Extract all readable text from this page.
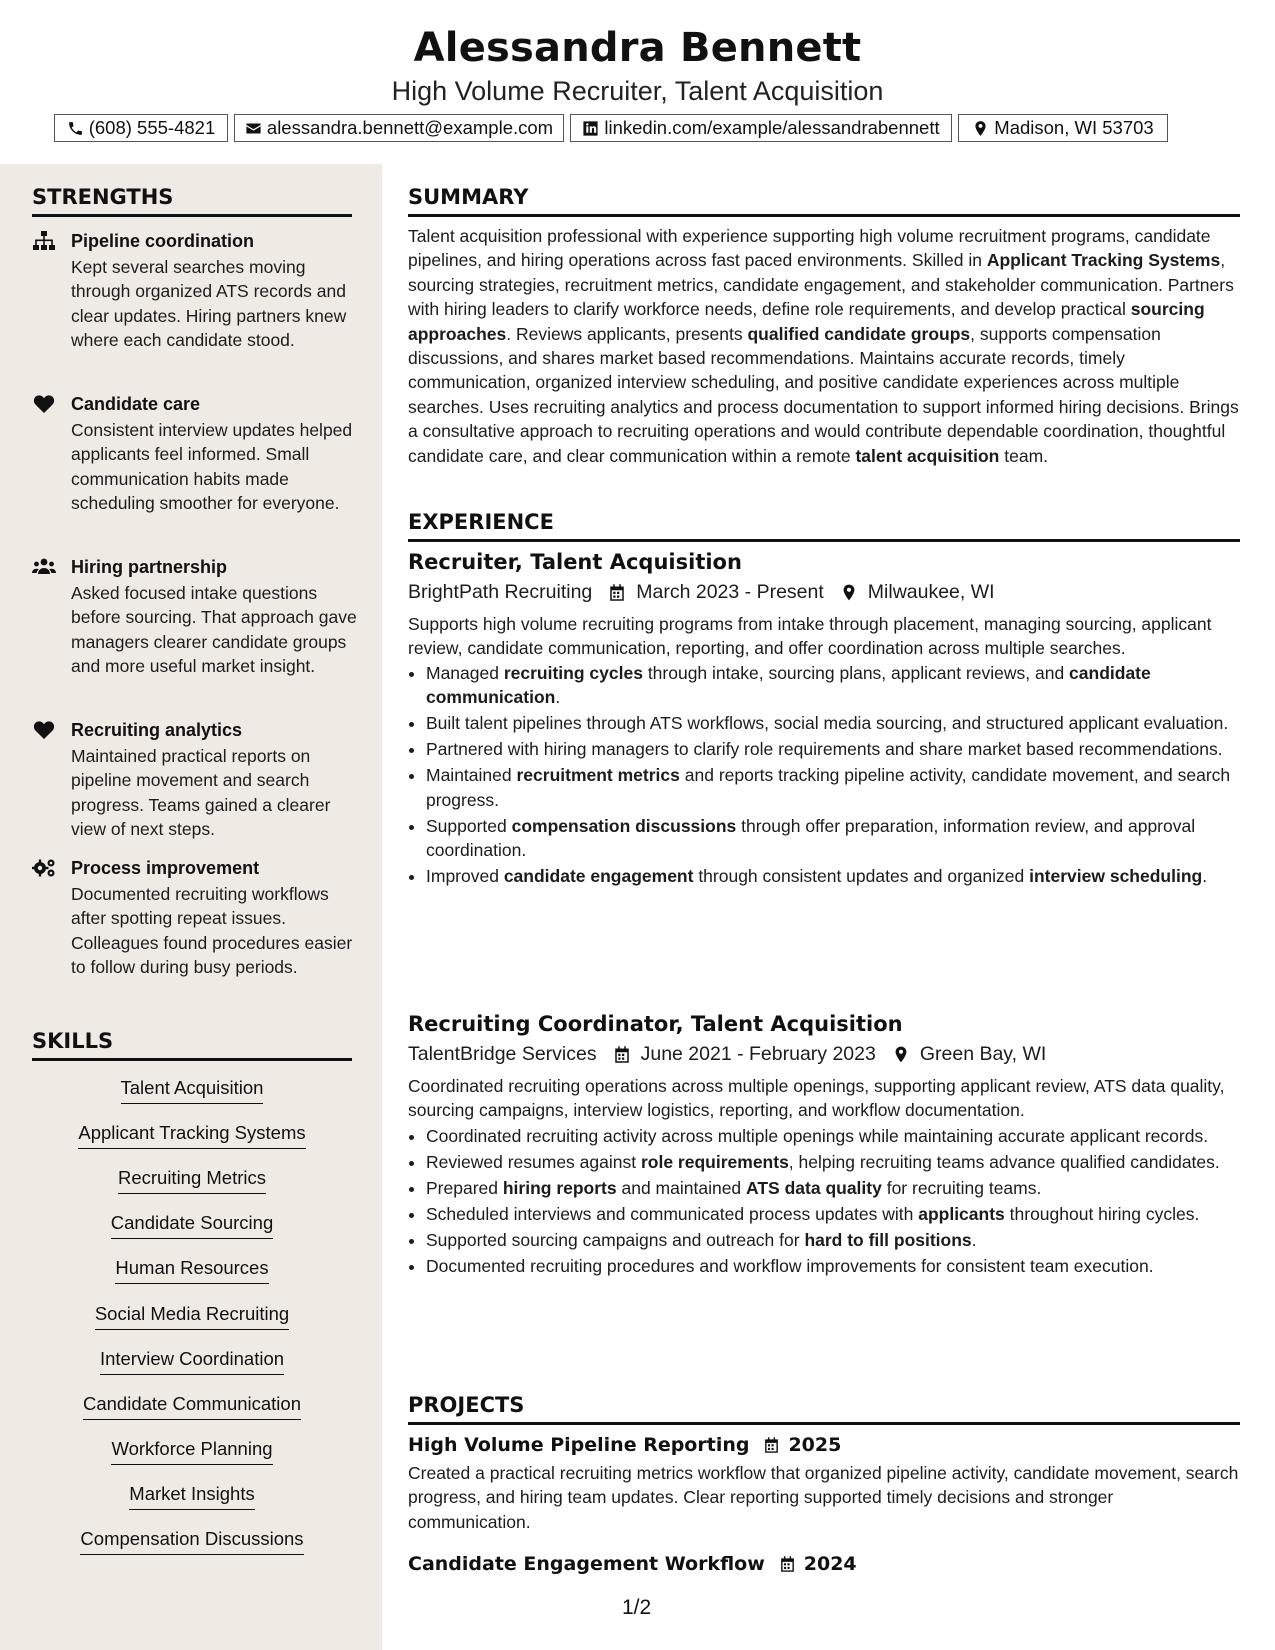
Alessandra Bennett
High Volume Recruiter, Talent Acquisition
(608) 555-4821	alessandra.bennett@example.com	linkedin.com/example/alessandrabennett	Madison, WI 53703
STRENGTHS
Pipeline coordination
Kept several searches moving through organized ATS records and clear updates. Hiring partners knew where each candidate stood.
Candidate care
Consistent interview updates helped applicants feel informed. Small communication habits made scheduling smoother for everyone.
Hiring partnership
Asked focused intake questions before sourcing. That approach gave managers clearer candidate groups and more useful market insight.
Recruiting analytics
Maintained practical reports on pipeline movement and search progress. Teams gained a clearer view of next steps.
Process improvement
Documented recruiting workflows after spotting repeat issues. Colleagues found procedures easier to follow during busy periods.
SKILLS
Talent Acquisition
Applicant Tracking Systems
Recruiting Metrics
Candidate Sourcing
Human Resources
Social Media Recruiting
Interview Coordination
Candidate Communication
Workforce Planning
Market Insights
Compensation Discussions
SUMMARY

Talent acquisition professional with experience supporting high volume recruitment programs, candidate pipelines, and hiring operations across fast paced environments. Skilled in Applicant Tracking Systems, sourcing strategies, recruitment metrics, candidate engagement, and stakeholder communication. Partners with hiring leaders to clarify workforce needs, define role requirements, and develop practical sourcing approaches. Reviews applicants, presents qualified candidate groups, supports compensation discussions, and shares market based recommendations. Maintains accurate records, timely communication, organized interview scheduling, and positive candidate experiences across multiple searches. Uses recruiting analytics and process documentation to support informed hiring decisions. Brings a consultative approach to recruiting operations and would contribute dependable coordination, thoughtful candidate care, and clear communication within a remote talent acquisition team.

EXPERIENCE
Recruiter, Talent Acquisition
BrightPath Recruiting March 2023 - Present Milwaukee, WI

Supports high volume recruiting programs from intake through placement, managing sourcing, applicant review, candidate communication, reporting, and offer coordination across multiple searches.

• Managed recruiting cycles through intake, sourcing plans, applicant reviews, and candidate communication.
• Built talent pipelines through ATS workflows, social media sourcing, and structured applicant evaluation.
• Partnered with hiring managers to clarify role requirements and share market based recommendations.
• Maintained recruitment metrics and reports tracking pipeline activity, candidate movement, and search progress.
• Supported compensation discussions through offer preparation, information review, and approval coordination.
• Improved candidate engagement through consistent updates and organized interview scheduling.
Recruiting Coordinator, Talent Acquisition
TalentBridge Services June 2021 - February 2023 Green Bay, WI

Coordinated recruiting operations across multiple openings, supporting applicant review, ATS data quality, sourcing campaigns, interview logistics, reporting, and workflow documentation.

• Coordinated recruiting activity across multiple openings while maintaining accurate applicant records.
• Reviewed resumes against role requirements, helping recruiting teams advance qualified candidates.
• Prepared hiring reports and maintained ATS data quality for recruiting teams.
• Scheduled interviews and communicated process updates with applicants throughout hiring cycles.
• Supported sourcing campaigns and outreach for hard to fill positions.
• Documented recruiting procedures and workflow improvements for consistent team execution.
PROJECTS
High Volume Pipeline Reporting 2025

Created a practical recruiting metrics workflow that organized pipeline activity, candidate movement, search progress, and hiring team updates. Clear reporting supported timely decisions and stronger communication.

Candidate Engagement Workflow 2024
1/2
